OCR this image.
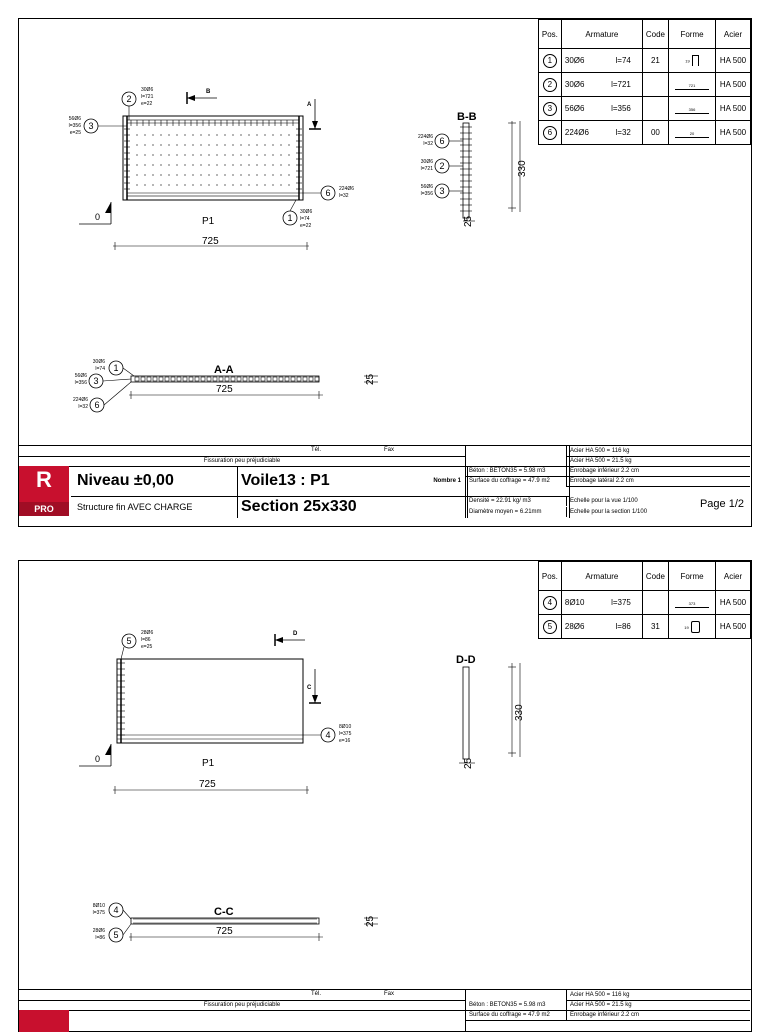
B
A
0	P1
725
2
30Ø6
l=721
e=22
3
56Ø6
l=356
e=25
6 224Ø6
l=32
1
30Ø6
l=74
e=22
B-B
330
25
6
224Ø6
l=32
2
30Ø6
l=721
3
56Ø6
l=356
A-A
725
25
1
30Ø6
l=74
3
56Ø6
l=356
6
224Ø6
l=32
Pos.	Armature	Code	Forme	Acier
1	30Ø6 l=74	21	19	HA 500
2	30Ø6 l=721		721	HA 500
3	56Ø6 l=356		356	HA 500
6	224Ø6 l=32	00	20	HA 500
Tél.	Fax
Fissuration peu préjudiciable
R
PRO
Niveau ±0,00
Structure fin AVEC CHARGE
Voile13 : P1	Nombre 1
Section 25x330
Acier HA 500 = 116 kg
Béton : BETON35 = 5.98 m3
Acier HA 500 = 21.5 kg
Surface du coffrage = 47.9 m2
Enrobage inférieur 2.2 cm
Enrobage latéral 2.2 cm
Densité = 22.91 kg/ m3
Diamètre moyen = 6.21mm
Echelle pour la vue 1/100
Echelle pour la section 1/100
Page 1/2
D
C
0	P1
725
5
28Ø6
l=86
e=25
4
8Ø10
l=375
e=16
D-D
330
25
C-C
725
25
4
8Ø10
l=375
5
28Ø6
l=86
Pos.	Armature	Code	Forme	Acier
4	8Ø10 l=375		373	HA 500
5	28Ø6 l=86	31	19	HA 500
Tél.	Fax
Fissuration peu préjudiciable
Acier HA 500 = 116 kg
Béton : BETON35 = 5.98 m3	Acier HA 500 = 21.5 kg
Surface du coffrage = 47.9 m2	Enrobage inférieur 2.2 cm
